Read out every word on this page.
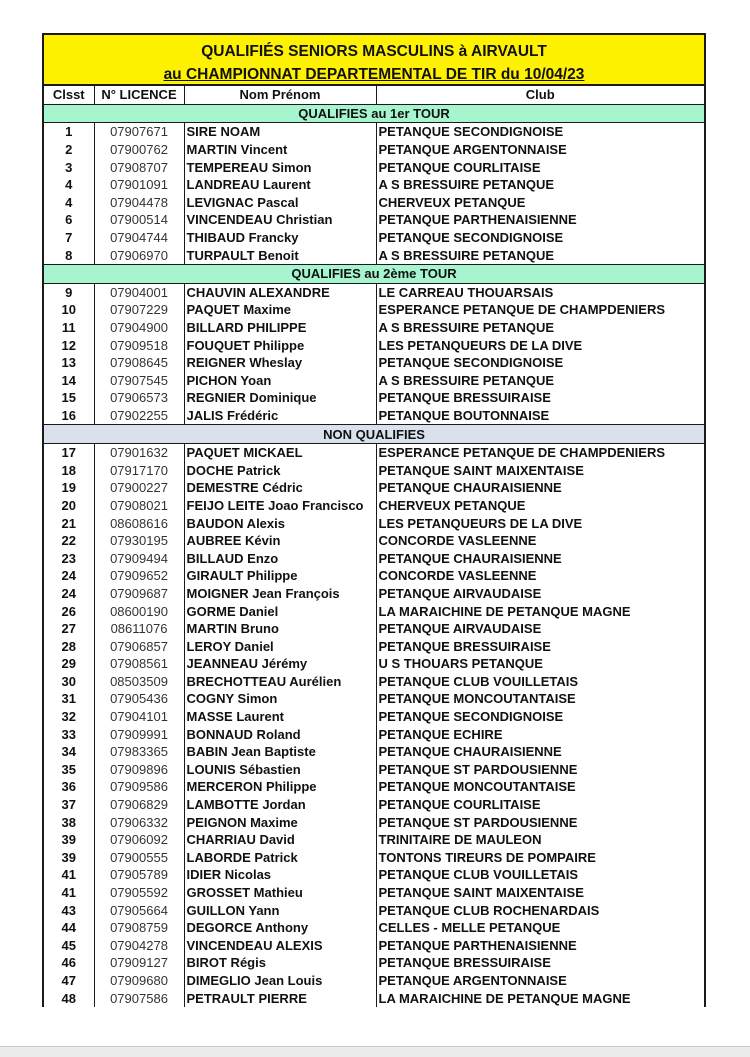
QUALIFIÉS SENIORS MASCULINS à AIRVAULT
au CHAMPIONNAT DEPARTEMENTAL DE TIR du 10/04/23
Clsst	N° LICENCE	Nom Prénom	Club
QUALIFIES au 1er TOUR			
1	07907671	SIRE NOAM	PETANQUE SECONDIGNOISE
2	07900762	MARTIN Vincent	PETANQUE ARGENTONNAISE
3	07908707	TEMPEREAU Simon	PETANQUE COURLITAISE
4	07901091	LANDREAU Laurent	A S BRESSUIRE PETANQUE
4	07904478	LEVIGNAC Pascal	CHERVEUX PETANQUE
6	07900514	VINCENDEAU Christian	PETANQUE PARTHENAISIENNE
7	07904744	THIBAUD Francky	PETANQUE SECONDIGNOISE
8	07906970	TURPAULT Benoit	A S BRESSUIRE PETANQUE
QUALIFIES au 2ème TOUR			
9	07904001	CHAUVIN ALEXANDRE	LE CARREAU THOUARSAIS
10	07907229	PAQUET Maxime	ESPERANCE PETANQUE DE CHAMPDENIERS
11	07904900	BILLARD PHILIPPE	A S BRESSUIRE PETANQUE
12	07909518	FOUQUET Philippe	LES PETANQUEURS DE LA DIVE
13	07908645	REIGNER Wheslay	PETANQUE SECONDIGNOISE
14	07907545	PICHON Yoan	A S BRESSUIRE PETANQUE
15	07906573	REGNIER Dominique	PETANQUE BRESSUIRAISE
16	07902255	JALIS Frédéric	PETANQUE BOUTONNAISE
NON QUALIFIES			
17	07901632	PAQUET MICKAEL	ESPERANCE PETANQUE DE CHAMPDENIERS
18	07917170	DOCHE Patrick	PETANQUE SAINT MAIXENTAISE
19	07900227	DEMESTRE Cédric	PETANQUE CHAURAISIENNE
20	07908021	FEIJO LEITE Joao Francisco	CHERVEUX PETANQUE
21	08608616	BAUDON Alexis	LES PETANQUEURS DE LA DIVE
22	07930195	AUBREE Kévin	CONCORDE VASLEENNE
23	07909494	BILLAUD Enzo	PETANQUE CHAURAISIENNE
24	07909652	GIRAULT Philippe	CONCORDE VASLEENNE
24	07909687	MOIGNER Jean François	PETANQUE AIRVAUDAISE
26	08600190	GORME Daniel	LA MARAICHINE DE PETANQUE MAGNE
27	08611076	MARTIN Bruno	PETANQUE AIRVAUDAISE
28	07906857	LEROY Daniel	PETANQUE BRESSUIRAISE
29	07908561	JEANNEAU Jérémy	U S THOUARS PETANQUE
30	08503509	BRECHOTTEAU Aurélien	PETANQUE CLUB VOUILLETAIS
31	07905436	COGNY Simon	PETANQUE MONCOUTANTAISE
32	07904101	MASSE Laurent	PETANQUE SECONDIGNOISE
33	07909991	BONNAUD Roland	PETANQUE ECHIRE
34	07983365	BABIN Jean Baptiste	PETANQUE CHAURAISIENNE
35	07909896	LOUNIS Sébastien	PETANQUE ST PARDOUSIENNE
36	07909586	MERCERON Philippe	PETANQUE MONCOUTANTAISE
37	07906829	LAMBOTTE Jordan	PETANQUE COURLITAISE
38	07906332	PEIGNON Maxime	PETANQUE ST PARDOUSIENNE
39	07906092	CHARRIAU David	TRINITAIRE DE MAULEON
39	07900555	LABORDE Patrick	TONTONS TIREURS DE POMPAIRE
41	07905789	IDIER Nicolas	PETANQUE CLUB VOUILLETAIS
41	07905592	GROSSET Mathieu	PETANQUE SAINT MAIXENTAISE
43	07905664	GUILLON Yann	PETANQUE CLUB ROCHENARDAIS
44	07908759	DEGORCE Anthony	CELLES - MELLE PETANQUE
45	07904278	VINCENDEAU ALEXIS	PETANQUE PARTHENAISIENNE
46	07909127	BIROT Régis	PETANQUE BRESSUIRAISE
47	07909680	DIMEGLIO Jean Louis	PETANQUE ARGENTONNAISE
48	07907586	PETRAULT PIERRE	LA MARAICHINE DE PETANQUE MAGNE
